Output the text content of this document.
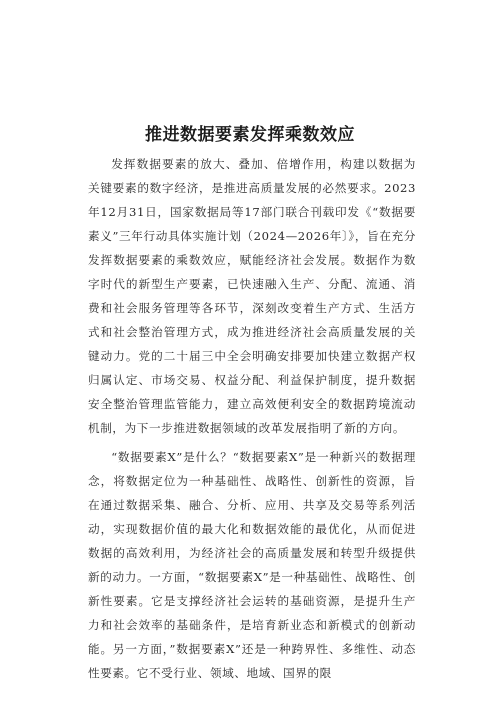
推进数据要素发挥乘数效应

发挥数据要素的放大、叠加、倍增作用，构建以数据为关键要素的数字经济，是推进高质量发展的必然要求。2023年12月31日，国家数据局等17部门联合刊载印发《“数据要素义”三年行动具体实施计划（2024—2026年〕》，旨在充分发挥数据要素的乘数效应，赋能经济社会发展。数据作为数字时代的新型生产要素，已快速融入生产、分配、流通、消费和社会服务管理等各环节，深刻改变着生产方式、生活方式和社会整治管理方式，成为推进经济社会高质量发展的关键动力。党的二十届三中全会明确安排要加快建立数据产权归属认定、市场交易、权益分配、利益保护制度，提升数据安全整治管理监管能力，建立高效便利安全的数据跨境流动机制，为下一步推进数据领域的改革发展指明了新的方向。

“数据要素X”是什么？“数据要素X”是一种新兴的数据理念，将数据定位为一种基础性、战略性、创新性的资源，旨在通过数据采集、融合、分析、应用、共享及交易等系列活动，实现数据价值的最大化和数据效能的最优化，从而促进数据的高效利用，为经济社会的高质量发展和转型升级提供新的动力。一方面，“数据要素X”是一种基础性、战略性、创新性要素。它是支撑经济社会运转的基础资源，是提升生产力和社会效率的基础条件，是培育新业态和新模式的创新动能。另一方面，”数据要素X”还是一种跨界性、多维性、动态性要素。它不受行业、领域、地域、国界的限
